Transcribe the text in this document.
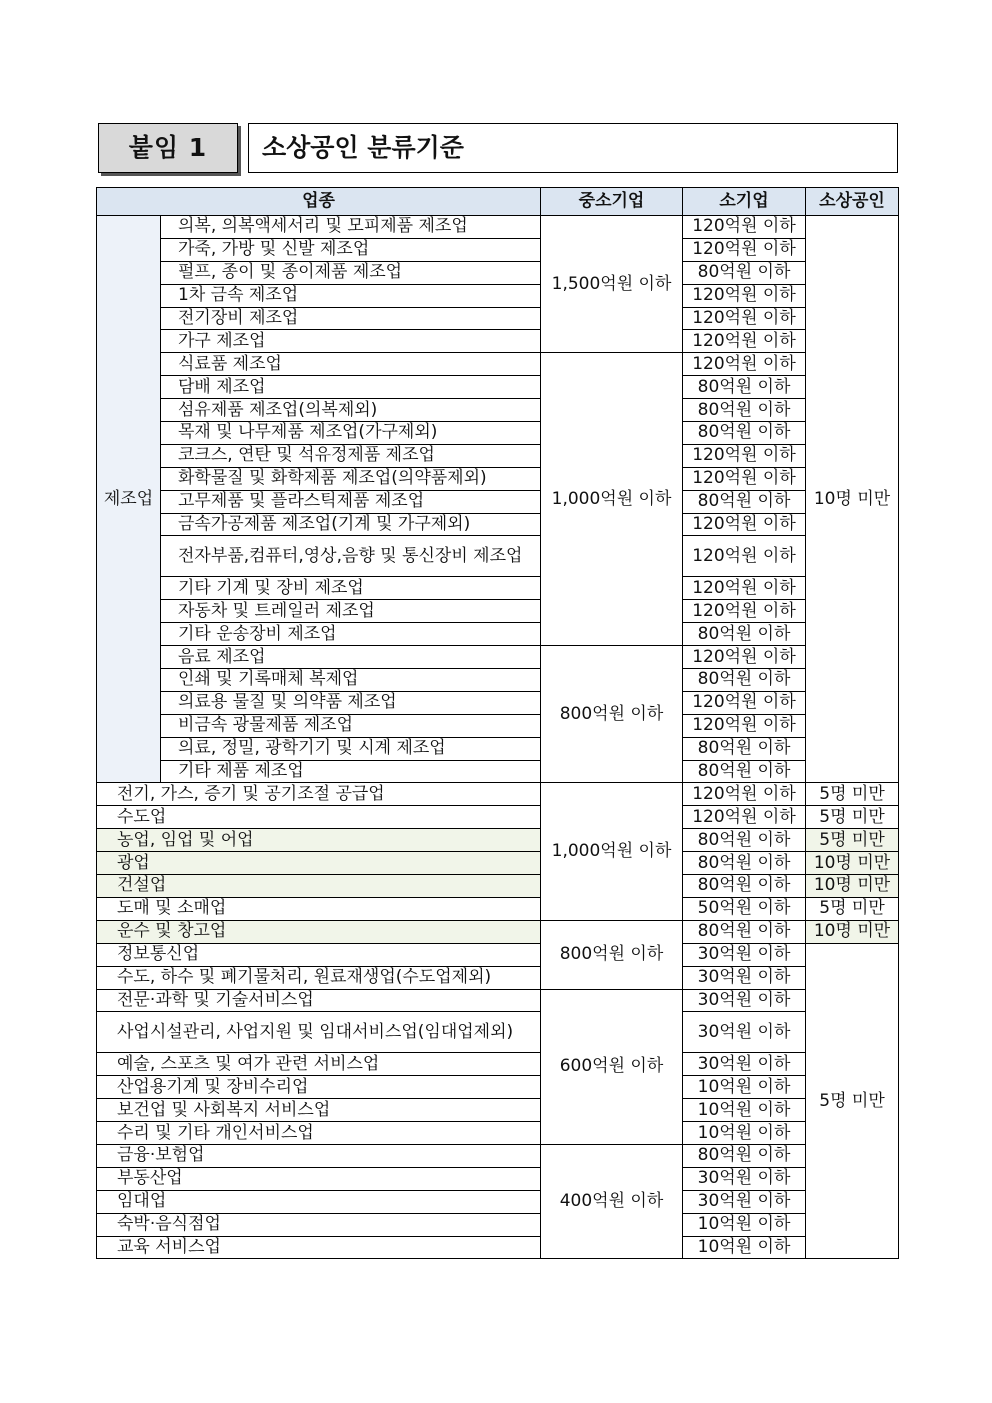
붙임 1	소상공인 분류기준
업종		중소기업	소기업	소상공인
제조업	의복, 의복액세서리 및 모피제품 제조업	1,500억원 이하	120억원 이하	10명 미만
	가죽, 가방 및 신발 제조업		120억원 이하	
	펄프, 종이 및 종이제품 제조업		80억원 이하	
	1차 금속 제조업		120억원 이하	
	전기장비 제조업		120억원 이하	
	가구 제조업		120억원 이하	
	식료품 제조업	1,000억원 이하	120억원 이하	
	담배 제조업		80억원 이하	
	섬유제품 제조업(의복제외)		80억원 이하	
	목재 및 나무제품 제조업(가구제외)		80억원 이하	
	코크스, 연탄 및 석유정제품 제조업		120억원 이하	
	화학물질 및 화학제품 제조업(의약품제외)		120억원 이하	
	고무제품 및 플라스틱제품 제조업		80억원 이하	
	금속가공제품 제조업(기계 및 가구제외)		120억원 이하	
	전자부품,컴퓨터,영상,음향 및 통신장비 제조업		120억원 이하	
	기타 기계 및 장비 제조업		120억원 이하	
	자동차 및 트레일러 제조업		120억원 이하	
	기타 운송장비 제조업		80억원 이하	
	음료 제조업	800억원 이하	120억원 이하	
	인쇄 및 기록매체 복제업		80억원 이하	
	의료용 물질 및 의약품 제조업		120억원 이하	
	비금속 광물제품 제조업		120억원 이하	
	의료, 정밀, 광학기기 및 시계 제조업		80억원 이하	
	기타 제품 제조업		80억원 이하	
전기, 가스, 증기 및 공기조절 공급업		1,000억원 이하	120억원 이하	5명 미만
수도업			120억원 이하	5명 미만
농업, 임업 및 어업			80억원 이하	5명 미만
광업			80억원 이하	10명 미만
건설업			80억원 이하	10명 미만
도매 및 소매업			50억원 이하	5명 미만
운수 및 창고업		800억원 이하	80억원 이하	10명 미만
정보통신업			30억원 이하	5명 미만
수도, 하수 및 폐기물처리, 원료재생업(수도업제외)			30억원 이하	
전문·과학 및 기술서비스업		600억원 이하	30억원 이하	
사업시설관리, 사업지원 및 임대서비스업(임대업제외)			30억원 이하	
예술, 스포츠 및 여가 관련 서비스업			30억원 이하	
산업용기계 및 장비수리업			10억원 이하	
보건업 및 사회복지 서비스업			10억원 이하	
수리 및 기타 개인서비스업			10억원 이하	
금융·보험업		400억원 이하	80억원 이하	
부동산업			30억원 이하	
임대업			30억원 이하	
숙박·음식점업			10억원 이하	
교육 서비스업			10억원 이하	
